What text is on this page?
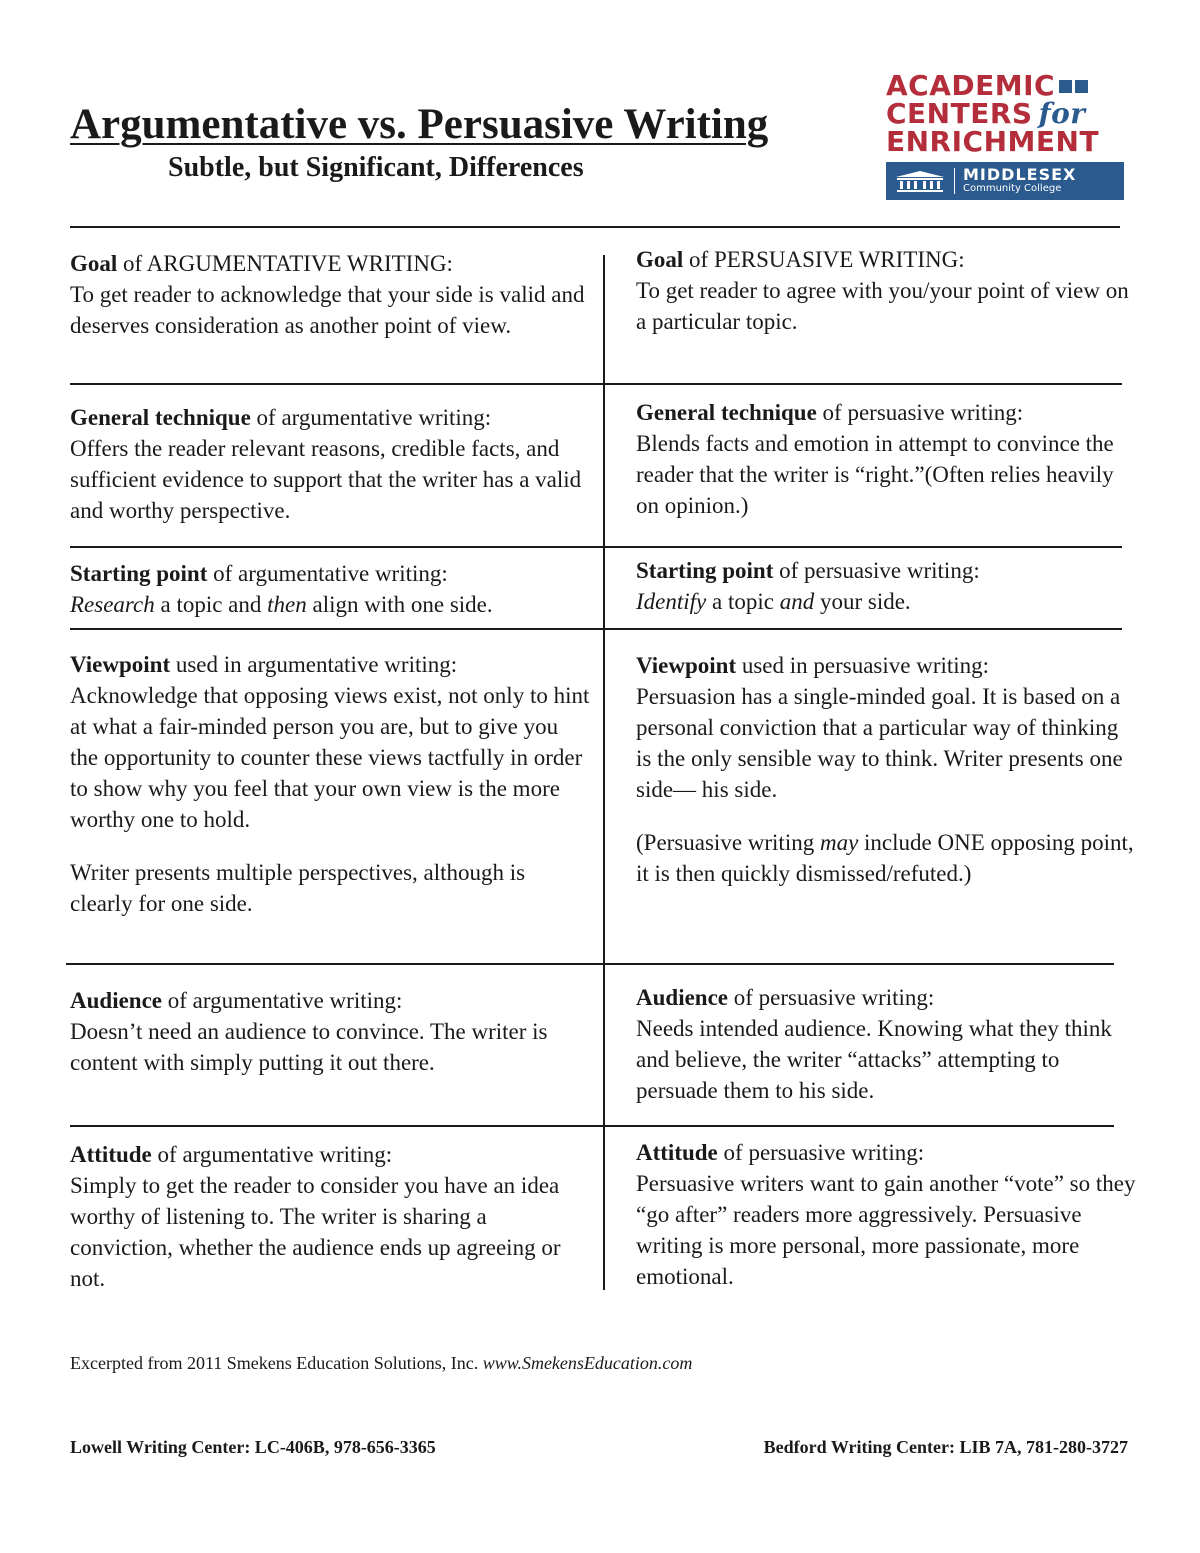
Argumentative vs. Persuasive Writing
Subtle, but Significant, Differences
ACADEMIC
CENTERS for
ENRICHMENT
MIDDLESEX
Community College

Goal of ARGUMENTATIVE WRITING:

To get reader to acknowledge that your side is valid and deserves consideration as another point of view.

Goal of PERSUASIVE WRITING:

To get reader to agree with you/your point of view on a particular topic.

General technique of argumentative writing:

Offers the reader relevant reasons, credible facts, and sufficient evidence to support that the writer has a valid and worthy perspective.

General technique of persuasive writing:

Blends facts and emotion in attempt to convince the reader that the writer is “right.”(Often relies heavily on opinion.)

Starting point of argumentative writing:

Research a topic and then align with one side.

Starting point of persuasive writing:

Identify a topic and your side.

Viewpoint used in argumentative writing:

Acknowledge that opposing views exist, not only to hint at what a fair-minded person you are, but to give you the opportunity to counter these views tactfully in order to show why you feel that your own view is the more worthy one to hold.

Writer presents multiple perspectives, although is clearly for one side.

Viewpoint used in persuasive writing:

Persuasion has a single-minded goal. It is based on a personal conviction that a particular way of thinking is the only sensible way to think. Writer presents one side— his side.

(Persuasive writing may include ONE opposing point, it is then quickly dismissed/refuted.)

Audience of argumentative writing:

Doesn’t need an audience to convince. The writer is content with simply putting it out there.

Audience of persuasive writing:

Needs intended audience. Knowing what they think and believe, the writer “attacks” attempting to persuade them to his side.

Attitude of argumentative writing:

Simply to get the reader to consider you have an idea worthy of listening to. The writer is sharing a conviction, whether the audience ends up agreeing or not.

Attitude of persuasive writing:

Persuasive writers want to gain another “vote” so they “go after” readers more aggressively. Persuasive writing is more personal, more passionate, more emotional.

Excerpted from 2011 Smekens Education Solutions, Inc. www.SmekensEducation.com
Lowell Writing Center: LC-406B, 978-656-3365	Bedford Writing Center: LIB 7A, 781-280-3727
